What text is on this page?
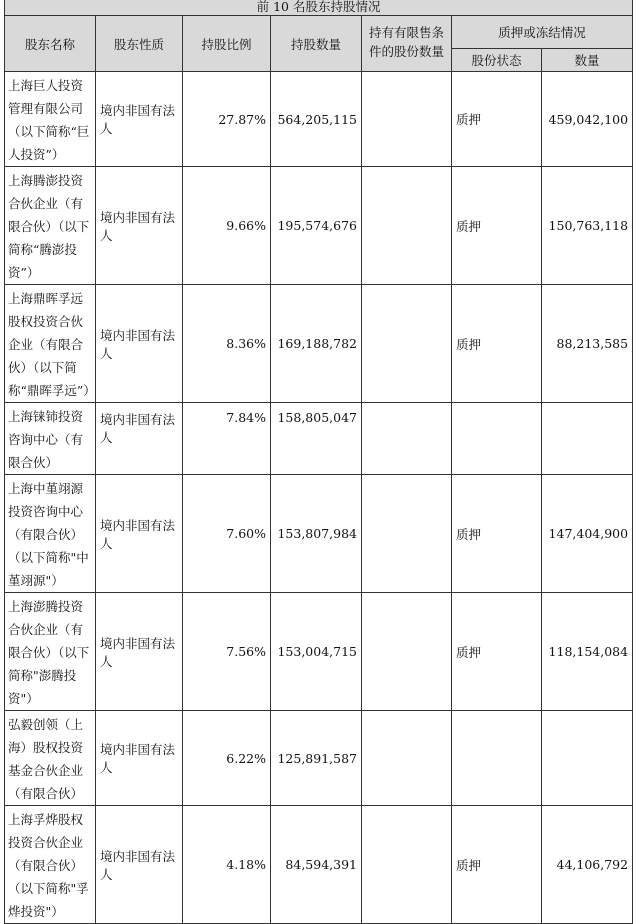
前 10 名股东持股情况						
股东名称	股东性质	持股比例	持股数量	持有有限售条件的股份数量	质押或冻结情况	
					股份状态	数量
上海巨人投资管理有限公司（以下简称“巨人投资”）	境内非国有法人	27.87%	564,205,115		质押	459,042,100
上海腾澎投资合伙企业（有限合伙）（以下简称“腾澎投资”）	境内非国有法人	9.66%	195,574,676		质押	150,763,118
上海鼎晖孚远股权投资合伙企业（有限合伙）（以下简称“鼎晖孚远”）	境内非国有法人	8.36%	169,188,782		质押	88,213,585
上海铼铈投资咨询中心（有限合伙）	境内非国有法人	7.84%	158,805,047			
上海中堇翊源投资咨询中心（有限合伙）（以下简称"中堇翊源"）	境内非国有法人	7.60%	153,807,984		质押	147,404,900
上海澎腾投资合伙企业（有限合伙）（以下简称"澎腾投资"）	境内非国有法人	7.56%	153,004,715		质押	118,154,084
弘毅创领（上海）股权投资基金合伙企业（有限合伙）	境内非国有法人	6.22%	125,891,587			
上海孚烨股权投资合伙企业（有限合伙）（以下简称"孚烨投资"）	境内非国有法人	4.18%	84,594,391		质押	44,106,792
